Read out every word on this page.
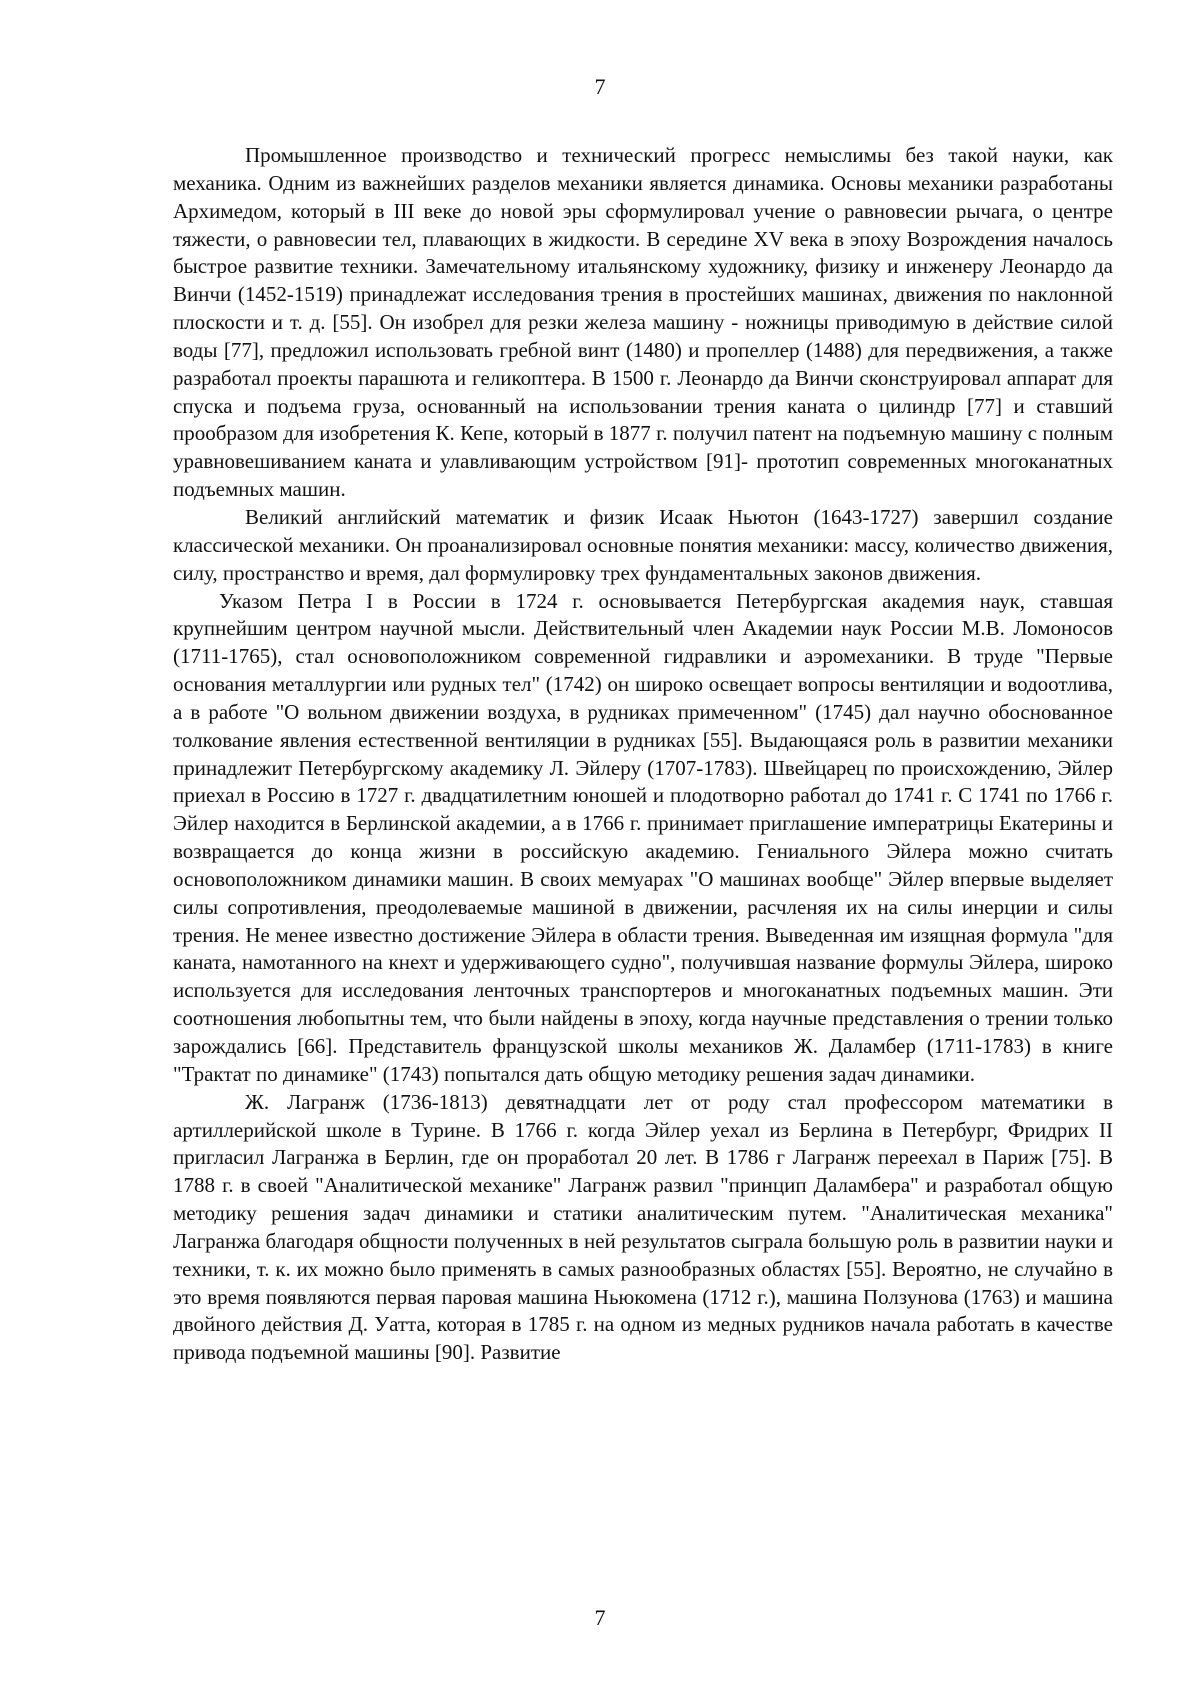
7

Промышленное производство и технический прогресс немыслимы без такой науки, как механика. Одним из важнейших разделов механики является динамика. Основы механики разработаны Архимедом, который в III веке до новой эры сформулировал учение о равновесии рычага, о центре тяжести, о равновесии тел, плавающих в жидкости. В середине XV века в эпоху Возрождения началось быстрое развитие техники. Замечательному итальянскому художнику, физику и инженеру Леонардо да Винчи (1452-1519) принадлежат исследования трения в простейших машинах, движения по наклонной плоскости и т. д. [55]. Он изобрел для резки железа машину - ножницы приводимую в действие силой воды [77], предложил использовать гребной винт (1480) и пропеллер (1488) для передвижения, а также разработал проекты парашюта и геликоптера. В 1500 г. Леонардо да Винчи сконструировал аппарат для спуска и подъема груза, основанный на использовании трения каната о цилиндр [77] и ставший прообразом для изобретения К. Кепе, который в 1877 г. получил патент на подъемную машину с полным уравновешиванием каната и улавливающим устройством [91]- прототип современных многоканатных подъемных машин.

Великий английский математик и физик Исаак Ньютон (1643-1727) завершил создание классической механики. Он проанализировал основные понятия механики: массу, количество движения, силу, пространство и время, дал формулировку трех фундаментальных законов движения.

Указом Петра I в России в 1724 г. основывается Петербургская академия наук, ставшая крупнейшим центром научной мысли. Действительный член Академии наук России М.В. Ломоносов (1711-1765), стал основоположником современной гидравлики и аэромеханики. В труде "Первые основания металлургии или рудных тел" (1742) он широко освещает вопросы вентиляции и водоотлива, а в работе "О вольном движении воздуха, в рудниках примеченном" (1745) дал научно обоснованное толкование явления естественной вентиляции в рудниках [55]. Выдающаяся роль в развитии механики принадлежит Петербургскому академику Л. Эйлеру (1707-1783). Швейцарец по происхождению, Эйлер приехал в Россию в 1727 г. двадцатилетним юношей и плодотворно работал до 1741 г. С 1741 по 1766 г. Эйлер находится в Берлинской академии, а в 1766 г. принимает приглашение императрицы Екатерины и возвращается до конца жизни в российскую академию. Гениального Эйлера можно считать основоположником динамики машин. В своих мемуарах "О машинах вообще" Эйлер впервые выделяет силы сопротивления, преодолеваемые машиной в движении, расчленяя их на силы инерции и силы трения. Не менее известно достижение Эйлера в области трения. Выведенная им изящная формула "для каната, намотанного на кнехт и удерживающего судно", получившая название формулы Эйлера, широко используется для исследования ленточных транспортеров и многоканатных подъемных машин. Эти соотношения любопытны тем, что были найдены в эпоху, когда научные представления о трении только зарождались [66]. Представитель французской школы механиков Ж. Даламбер (1711-1783) в книге "Трактат по динамике" (1743) попытался дать общую методику решения задач динамики.

Ж. Лагранж (1736-1813) девятнадцати лет от роду стал профессором математики в артиллерийской школе в Турине. В 1766 г. когда Эйлер уехал из Берлина в Петербург, Фридрих II пригласил Лагранжа в Берлин, где он проработал 20 лет. В 1786 г Лагранж переехал в Париж [75]. В 1788 г. в своей "Аналитической механике" Лагранж развил "принцип Даламбера" и разработал общую методику решения задач динамики и статики аналитическим путем. "Аналитическая механика" Лагранжа благодаря общности полученных в ней результатов сыграла большую роль в развитии науки и техники, т. к. их можно было применять в самых разнообразных областях [55]. Вероятно, не случайно в это время появляются первая паровая машина Ньюкомена (1712 г.), машина Ползунова (1763) и машина двойного действия Д. Уатта, которая в 1785 г. на одном из медных рудников начала работать в качестве привода подъемной машины [90]. Развитие

7
